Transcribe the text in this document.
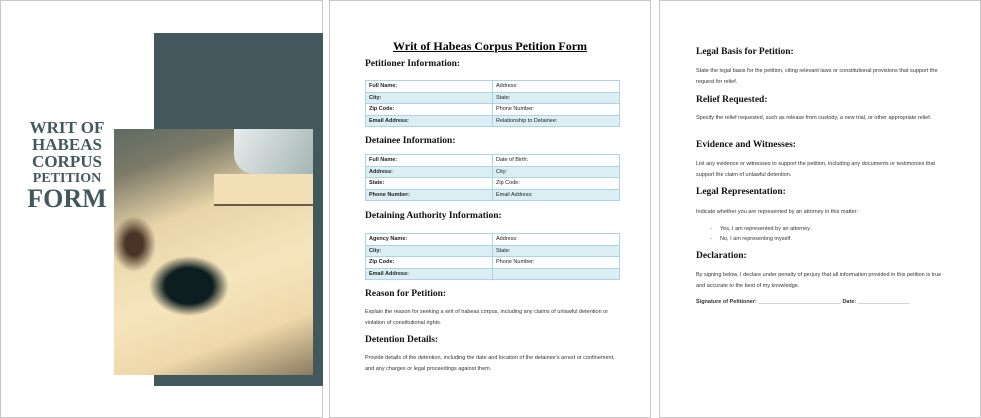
WRIT OF
HABEAS
CORPUS
PETITION
FORM
Writ of Habeas Corpus Petition Form
Petitioner Information:
Full Name:	Address:
City:	State:
Zip Code:	Phone Number:
Email Address:	Relationship to Detainee:
Detainee Information:
Full Name:	Date of Birth:
Address:	City:
State:	Zip Code:
Phone Number:	Email Address:
Detaining Authority Information:
Agency Name:	Address:
City:	State:
Zip Code:	Phone Number:
Email Address:	
Reason for Petition:

Explain the reason for seeking a writ of habeas corpus, including any claims of unlawful detention or violation of constitutional rights.

Detention Details:

Provide details of the detention, including the date and location of the detainee's arrest or confinement, and any charges or legal proceedings against them.

Legal Basis for Petition:

State the legal basis for the petition, citing relevant laws or constitutional provisions that support the request for relief.

Relief Requested:

Specify the relief requested, such as release from custody, a new trial, or other appropriate relief.

Evidence and Witnesses:

List any evidence or witnesses to support the petition, including any documents or testimonies that support the claim of unlawful detention.

Legal Representation:

Indicate whether you are represented by an attorney in this matter:

- Yes, I am represented by an attorney.
- No, I am representing myself.
Declaration:

By signing below, I declare under penalty of perjury that all information provided in this petition is true and accurate to the best of my knowledge.

Signature of Petitioner: ___________________________ Date: _________________
